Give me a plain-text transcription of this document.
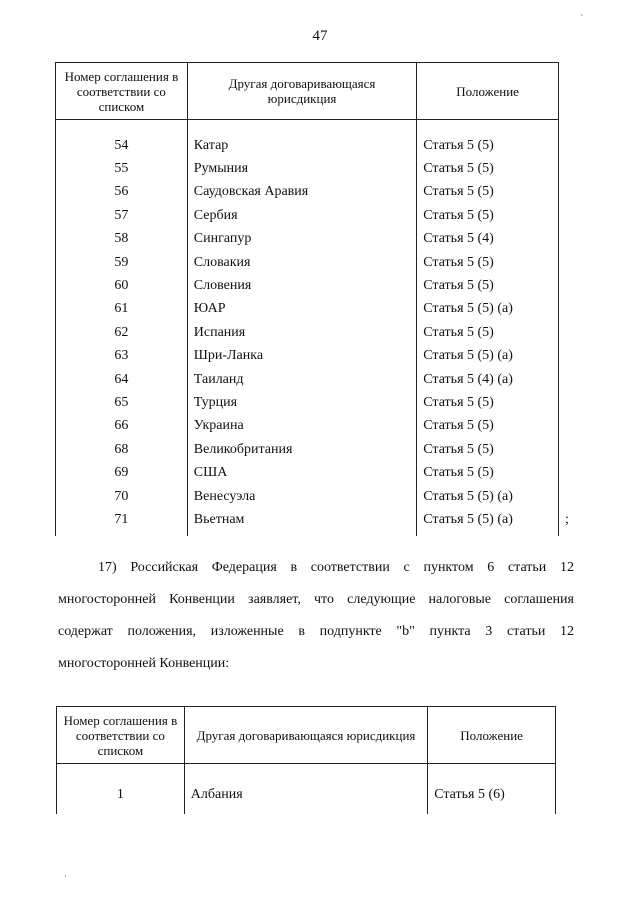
47
`
Номер соглашения в соответствии со списком	Другая договаривающаяся юрисдикция	Положение
54	Катар	Статья 5 (5)
55	Румыния	Статья 5 (5)
56	Саудовская Аравия	Статья 5 (5)
57	Сербия	Статья 5 (5)
58	Сингапур	Статья 5 (4)
59	Словакия	Статья 5 (5)
60	Словения	Статья 5 (5)
61	ЮАР	Статья 5 (5) (а)
62	Испания	Статья 5 (5)
63	Шри-Ланка	Статья 5 (5) (а)
64	Таиланд	Статья 5 (4) (а)
65	Турция	Статья 5 (5)
66	Украина	Статья 5 (5)
68	Великобритания	Статья 5 (5)
69	США	Статья 5 (5)
70	Венесуэла	Статья 5 (5) (а)
71	Вьетнам	Статья 5 (5) (а)	;
17) Российская Федерация в соответствии с пунктом 6 статьи 12 многосторонней Конвенции заявляет, что следующие налоговые соглашения содержат положения, изложенные в подпункте "b" пункта 3 статьи 12 многосторонней Конвенции:
Номер соглашения в соответствии со списком	Другая договаривающаяся юрисдикция	Положение
1	Албания	Статья 5 (6)
‚
